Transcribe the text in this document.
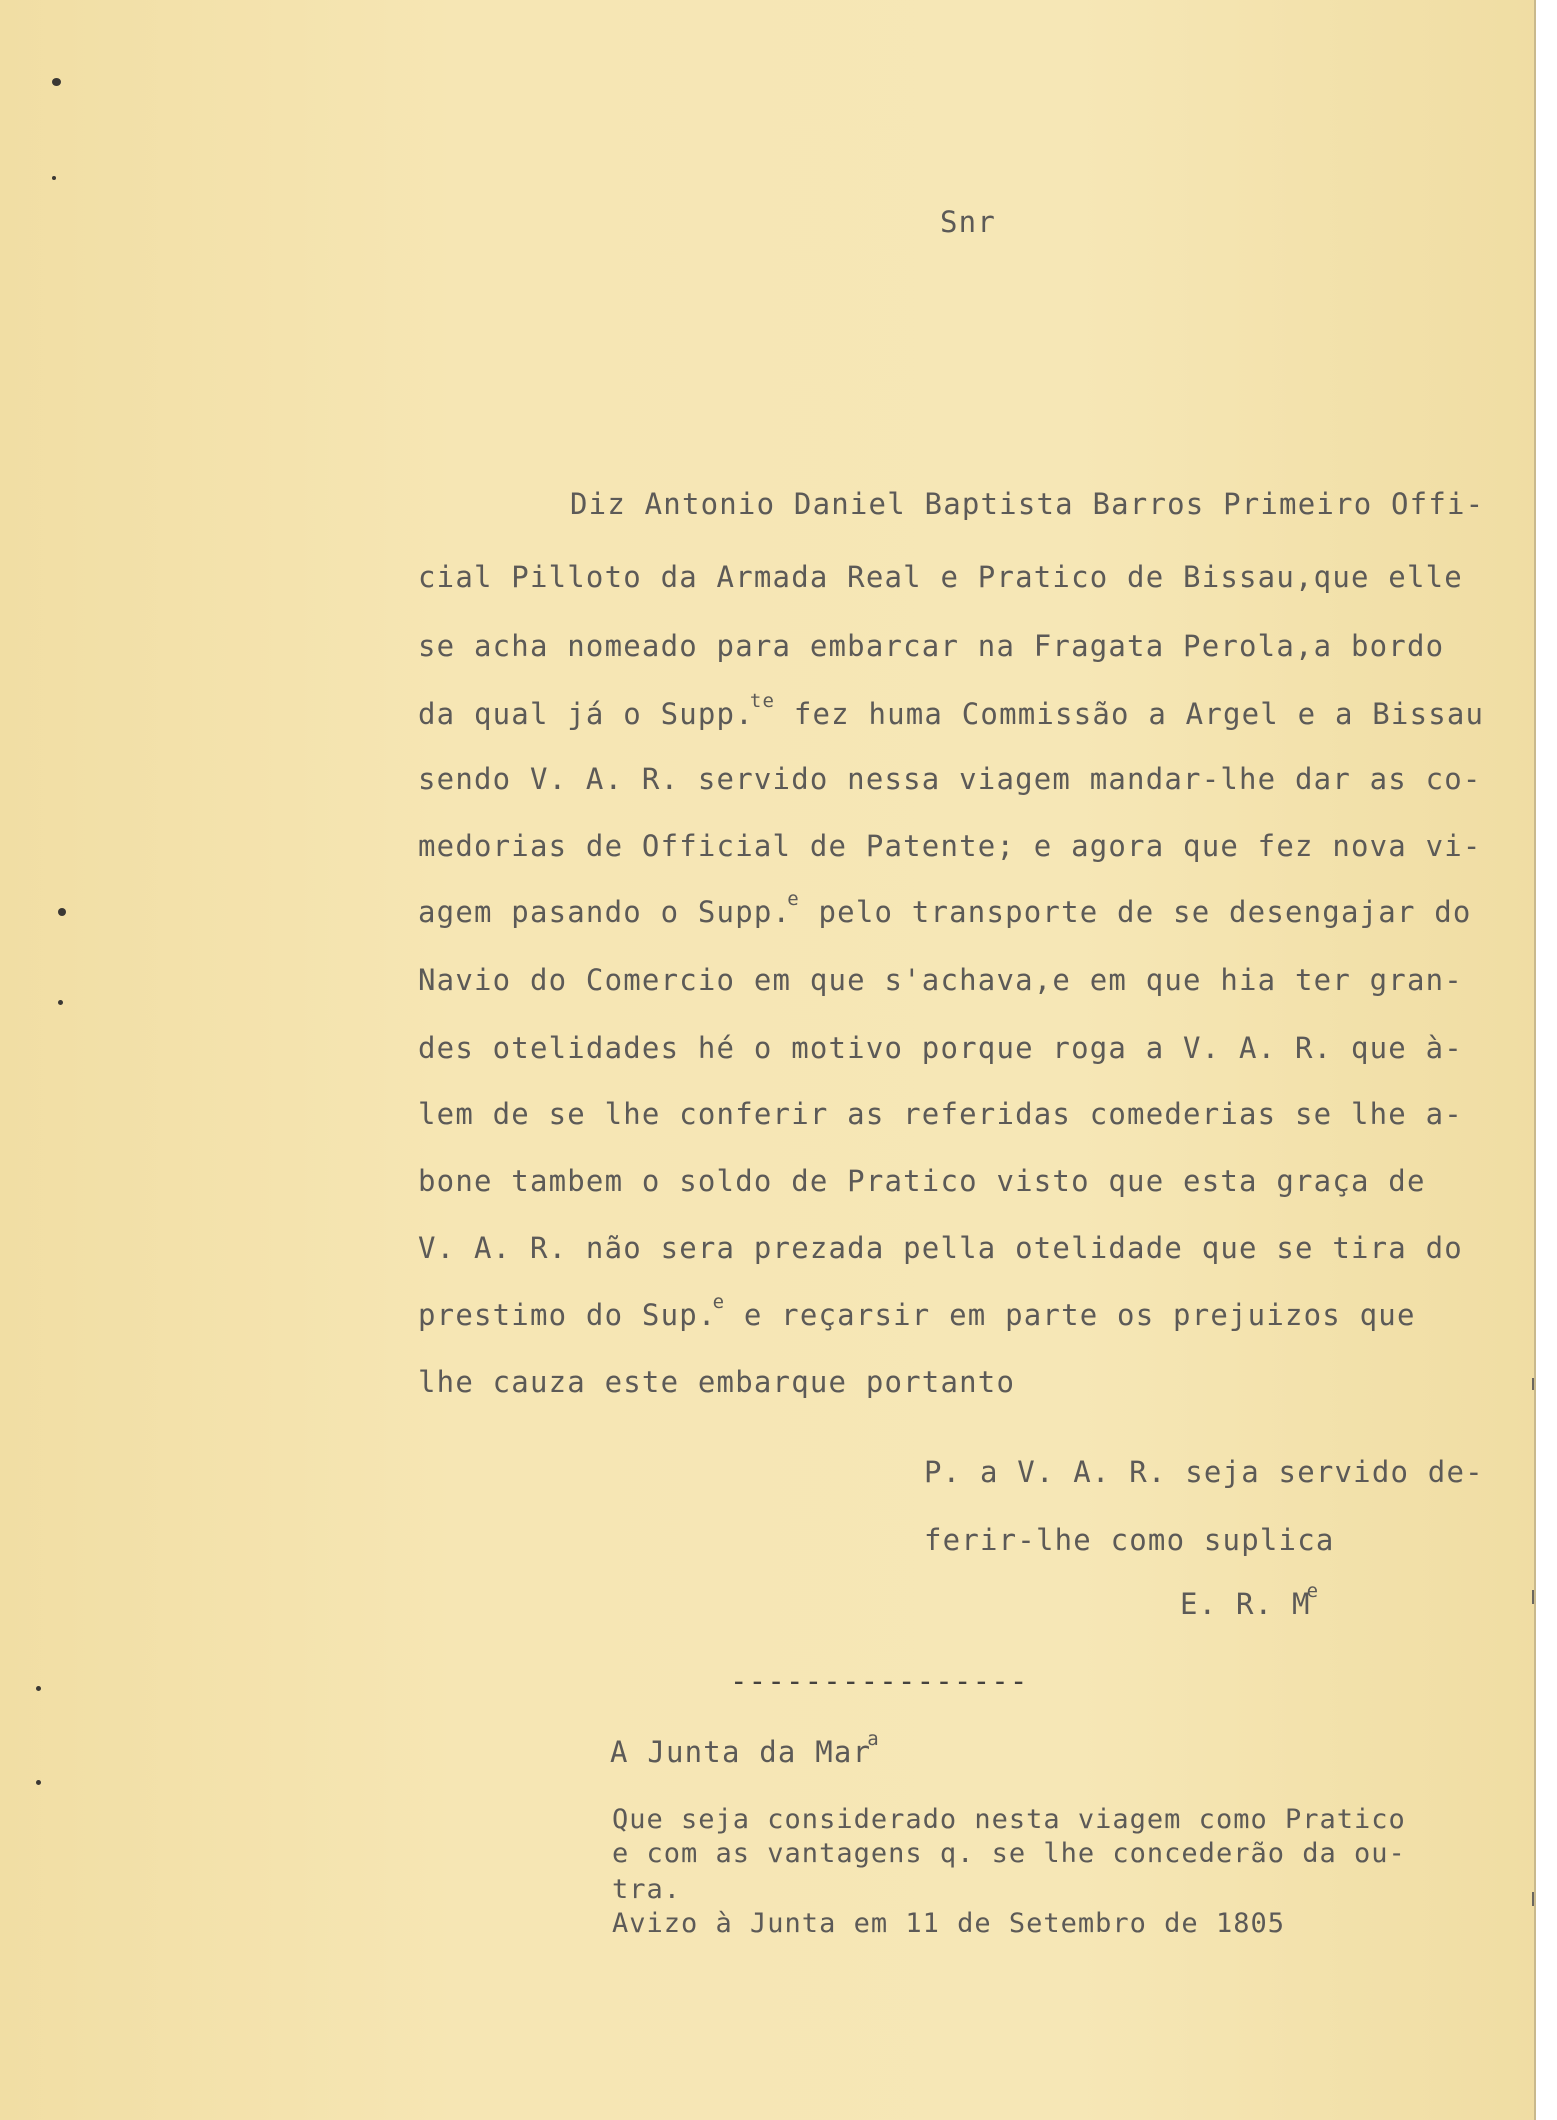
Snr
Diz Antonio Daniel Baptista Barros Primeiro Offi-
cial Pilloto da Armada Real e Pratico de Bissau,que elle
se acha nomeado para embarcar na Fragata Perola,a bordo
da qual já o Supp.$^{te}$ fez huma Commissão a Argel e a Bissau
sendo V. A. R. servido nessa viagem mandar-lhe dar as co-
medorias de Official de Patente; e agora que fez nova vi-
agem pasando o Supp.$^e$ pelo transporte de se desengajar do
Navio do Comercio em que s'achava,e em que hia ter gran-
des otelidades hé o motivo porque roga a V. A. R. que à-
lem de se lhe conferir as referidas comederias se lhe a-
bone tambem o soldo de Pratico visto que esta graça de
V. A. R. não sera prezada pella otelidade que se tira do
prestimo do Sup.$^e$ e reçarsir em parte os prejuizos que
lhe cauza este embarque portanto
P. a V. A. R. seja servido de-
ferir-lhe como suplica
E. R. Me
----------------
A Junta da Mar$^a$
Que seja considerado nesta viagem como Pratico
e com as vantagens q. se lhe concederão da ou-
tra.
Avizo à Junta em 11 de Setembro de 1805
